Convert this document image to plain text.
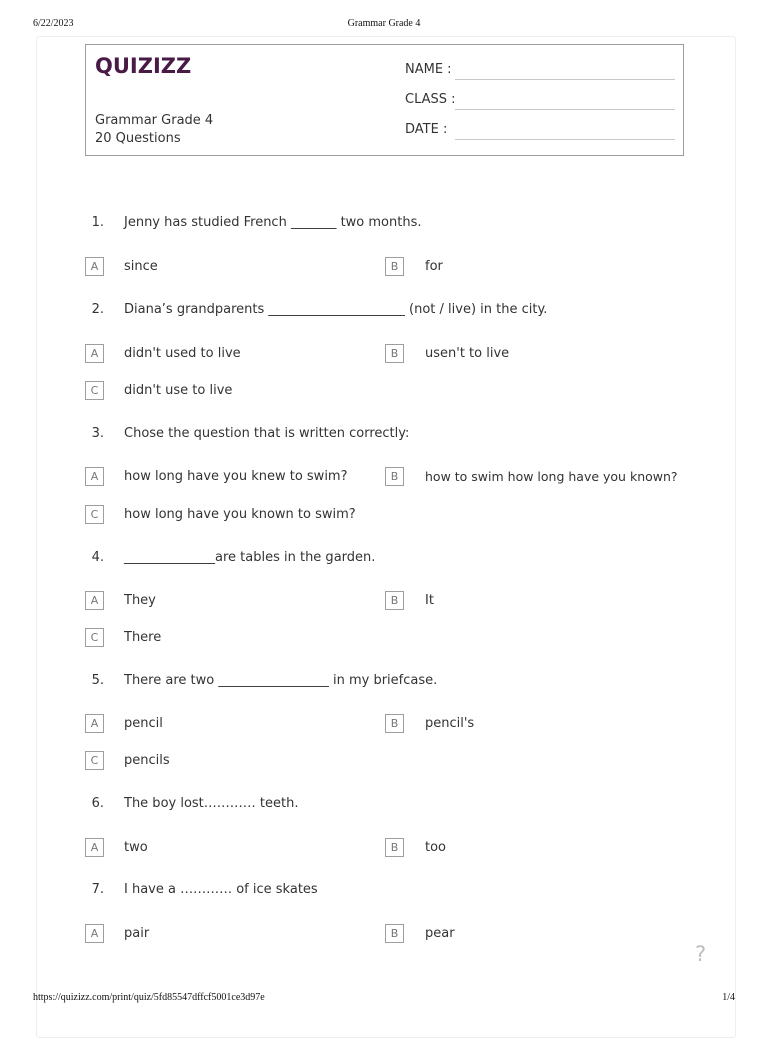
6/22/2023	Grammar Grade 4
QUIZIZZ
Grammar Grade 4
20 Questions
NAME :
CLASS :
DATE :
1. Jenny has studied French _______ two months.
A	since	B	for
2. Diana’s grandparents _____________________ (not / live) in the city.
A	didn't used to live	B	usen't to live
C	didn't use to live
3. Chose the question that is written correctly:
A	how long have you knew to swim?	B	how to swim how long have you known?
C	how long have you known to swim?
4. ______________are tables in the garden.
A	They	B	It
C	There
5. There are two _________________ in my briefcase.
A	pencil	B	pencil's
C	pencils
6. The boy lost………… teeth.
A	two	B	too
7. I have a ………… of ice skates
A	pair	B	pear
?
https://quizizz.com/print/quiz/5fd85547dffcf5001ce3d97e	1/4
